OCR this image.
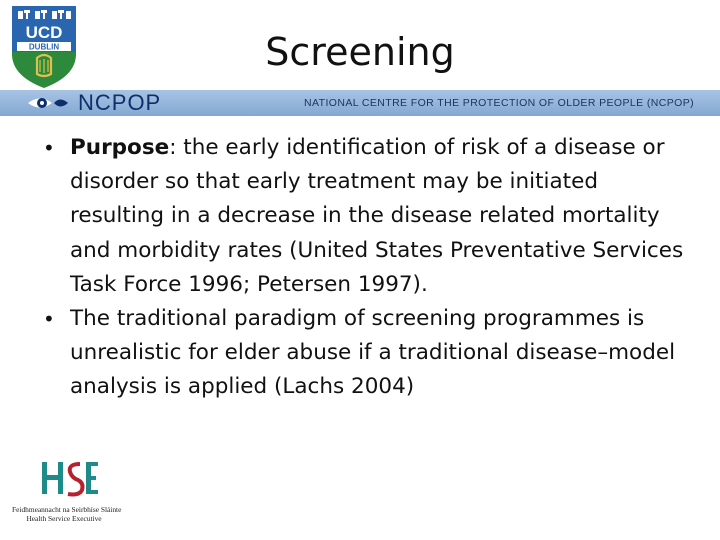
UCD
DUBLIN	Screening
NCPOP	NATIONAL CENTRE FOR THE PROTECTION OF OLDER PEOPLE (NCPOP)
• Purpose: the early identification of risk of a disease or disorder so that early treatment may be initiated resulting in a decrease in the disease related mortality and morbidity rates (United States Preventative Services Task Force 1996; Petersen 1997).
• The traditional paradigm of screening programmes is unrealistic for elder abuse if a traditional disease–model analysis is applied (Lachs 2004)
Feidhmeannacht na Seirbhíse Sláinte
Health Service Executive
